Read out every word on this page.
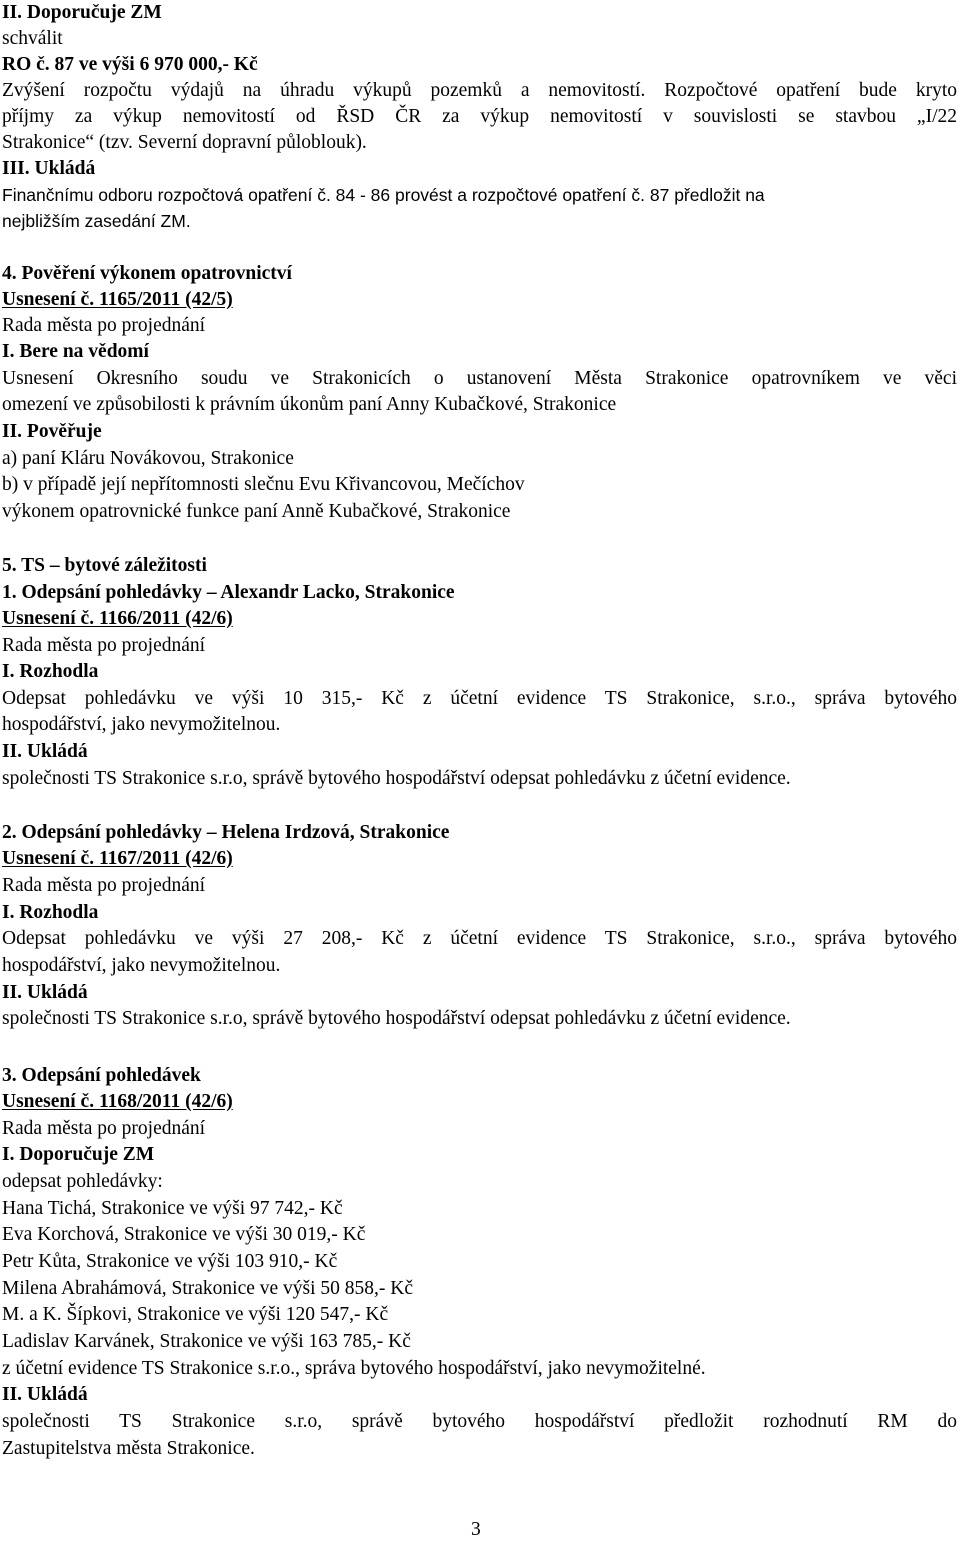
II. Doporučuje ZM

schválit

RO č. 87 ve výši 6 970 000,- Kč

Zvýšení rozpočtu výdajů na úhradu výkupů pozemků a nemovitostí. Rozpočtové opatření bude kryto

příjmy za výkup nemovitostí od ŘSD ČR za výkup nemovitostí v souvislosti se stavbou „I/22

Strakonice“ (tzv. Severní dopravní půloblouk).

III. Ukládá

Finančnímu odboru rozpočtová opatření č. 84 - 86 provést a rozpočtové opatření č. 87 předložit na

nejbližším zasedání ZM.

4. Pověření výkonem opatrovnictví

Usnesení č. 1165/2011 (42/5)

Rada města po projednání

I. Bere na vědomí

Usnesení Okresního soudu ve Strakonicích o ustanovení Města Strakonice opatrovníkem ve věci

omezení ve způsobilosti k právním úkonům paní Anny Kubačkové, Strakonice

II. Pověřuje

a) paní Kláru Novákovou, Strakonice

b) v případě její nepřítomnosti slečnu Evu Křivancovou, Mečíchov

výkonem opatrovnické funkce paní Anně Kubačkové, Strakonice

5. TS – bytové záležitosti

1. Odepsání pohledávky – Alexandr Lacko, Strakonice

Usnesení č. 1166/2011 (42/6)

Rada města po projednání

I. Rozhodla

Odepsat pohledávku ve výši 10 315,- Kč z účetní evidence TS Strakonice, s.r.o., správa bytového

hospodářství, jako nevymožitelnou.

II. Ukládá

společnosti TS Strakonice s.r.o, správě bytového hospodářství odepsat pohledávku z účetní evidence.

2. Odepsání pohledávky – Helena Irdzová, Strakonice

Usnesení č. 1167/2011 (42/6)

Rada města po projednání

I. Rozhodla

Odepsat pohledávku ve výši 27 208,- Kč z účetní evidence TS Strakonice, s.r.o., správa bytového

hospodářství, jako nevymožitelnou.

II. Ukládá

společnosti TS Strakonice s.r.o, správě bytového hospodářství odepsat pohledávku z účetní evidence.

3. Odepsání pohledávek

Usnesení č. 1168/2011 (42/6)

Rada města po projednání

I. Doporučuje ZM

odepsat pohledávky:

Hana Tichá, Strakonice ve výši 97 742,- Kč

Eva Korchová, Strakonice ve výši 30 019,- Kč

Petr Kůta, Strakonice ve výši 103 910,- Kč

Milena Abrahámová, Strakonice ve výši 50 858,- Kč

M. a K. Šípkovi, Strakonice ve výši 120 547,- Kč

Ladislav Karvánek, Strakonice ve výši 163 785,- Kč

z účetní evidence TS Strakonice s.r.o., správa bytového hospodářství, jako nevymožitelné.

II. Ukládá

společnosti TS Strakonice s.r.o, správě bytového hospodářství předložit rozhodnutí RM do

Zastupitelstva města Strakonice.

3
